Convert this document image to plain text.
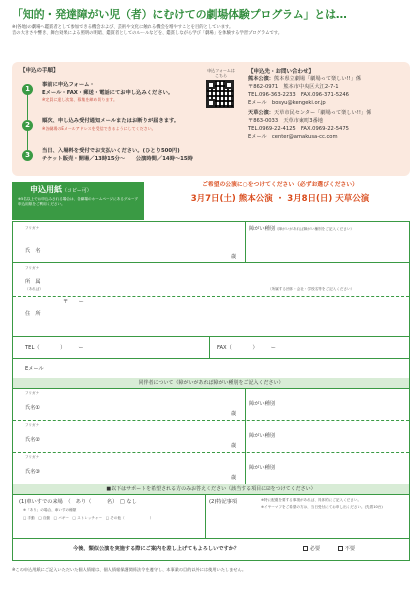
「知的・発達障がい児（者）にむけての劇場体験プログラム」とは…
※(各地)の劇場へ鑑賞者として参加できる機会および、芸術や文化に触れる機会を増やすことを目的としています。
音の大きさや響き、舞台効果による照明の明暗、鑑賞者としてのルールなどを、鑑賞しながら学び「劇場」を体験する学習プログラムです。
【申込の手順】
1	事前に申込フォーム・
Eメール・FAX・郵送・電話にてお申し込みください。
※定員に達し次第、募集を締め切ります。
2	順次、申し込み受付通知メールまたはお断りが届きます。
※各劇場のEメールアドレスを受信できるようにしてください。
3	当日、入場料を受付でお支払いください。(ひとり500円)
チケット販売・開場／13時15分～　　公演時間／14時～15時
申込フォームは
こちら
【申込先・お問い合わせ】
熊本公演：熊本県立劇場「劇場って楽しい!!」係
〒862-0971　熊本市中央区大江2-7-1
TEL.096-363-2233　FAX.096-371-5246
Eメール　bosyu@kengeki.or.jp
天草公演：天草市民センター「劇場って楽しい!!」係
〒863-0033　天草市東町3番地
TEL.0969-22-4125　FAX.0969-22-5475
Eメール　center@amakusa-cc.com
申込用紙（コピー可）
※5名以上でお申込みされる場合は、各劇場のホームページにあるグループ申込用紙をご利用ください。
ご希望の公演に○をつけてください（必ずお選びください）
3月7日(土) 熊本公演 ・ 3月8日(日) 天草公演
フリガナ
氏　名
歳
障がい種別（障がいがあれば障がい種別をご記入ください）
フリガナ
所　属
（あれば）	（所属する団体・会社・学校名等をご記入ください）
〒　　ー
住　所
TEL（　　　　）　　　ー	FAX（　　　　）　　　ー
Eメール
同伴者について（障がいがあれば障がい種別をご記入ください）
フリガナ
氏名①
歳
障がい種別
フリガナ
氏名②
歳
障がい種別
フリガナ
氏名③
歳
障がい種別
■以下はサポートを希望される方のみお答えください（該当する項目に☑をつけてください）
(1)車いすでの来場　（　あり（　　　名）　□ なし
※「あり」の場合、車いすの種類
□ 手動　□ 自動　□ バギー　□ ストレッチャー　□ その他（　　　　　　　）
(2)特記事項	※特に配慮を要する事項があれば、具体的にご記入ください。
※イヤーマフをご希望の方は、当日受付にてお申し出ください。(先着10台)
今後、類似公演を実施する際にご案内を差し上げてもよろしいですか？	必要	不要
※この申込用紙にご記入いただいた個人情報は、個人情報保護関係法令を遵守し、本事業の目的以外には使用いたしません。
